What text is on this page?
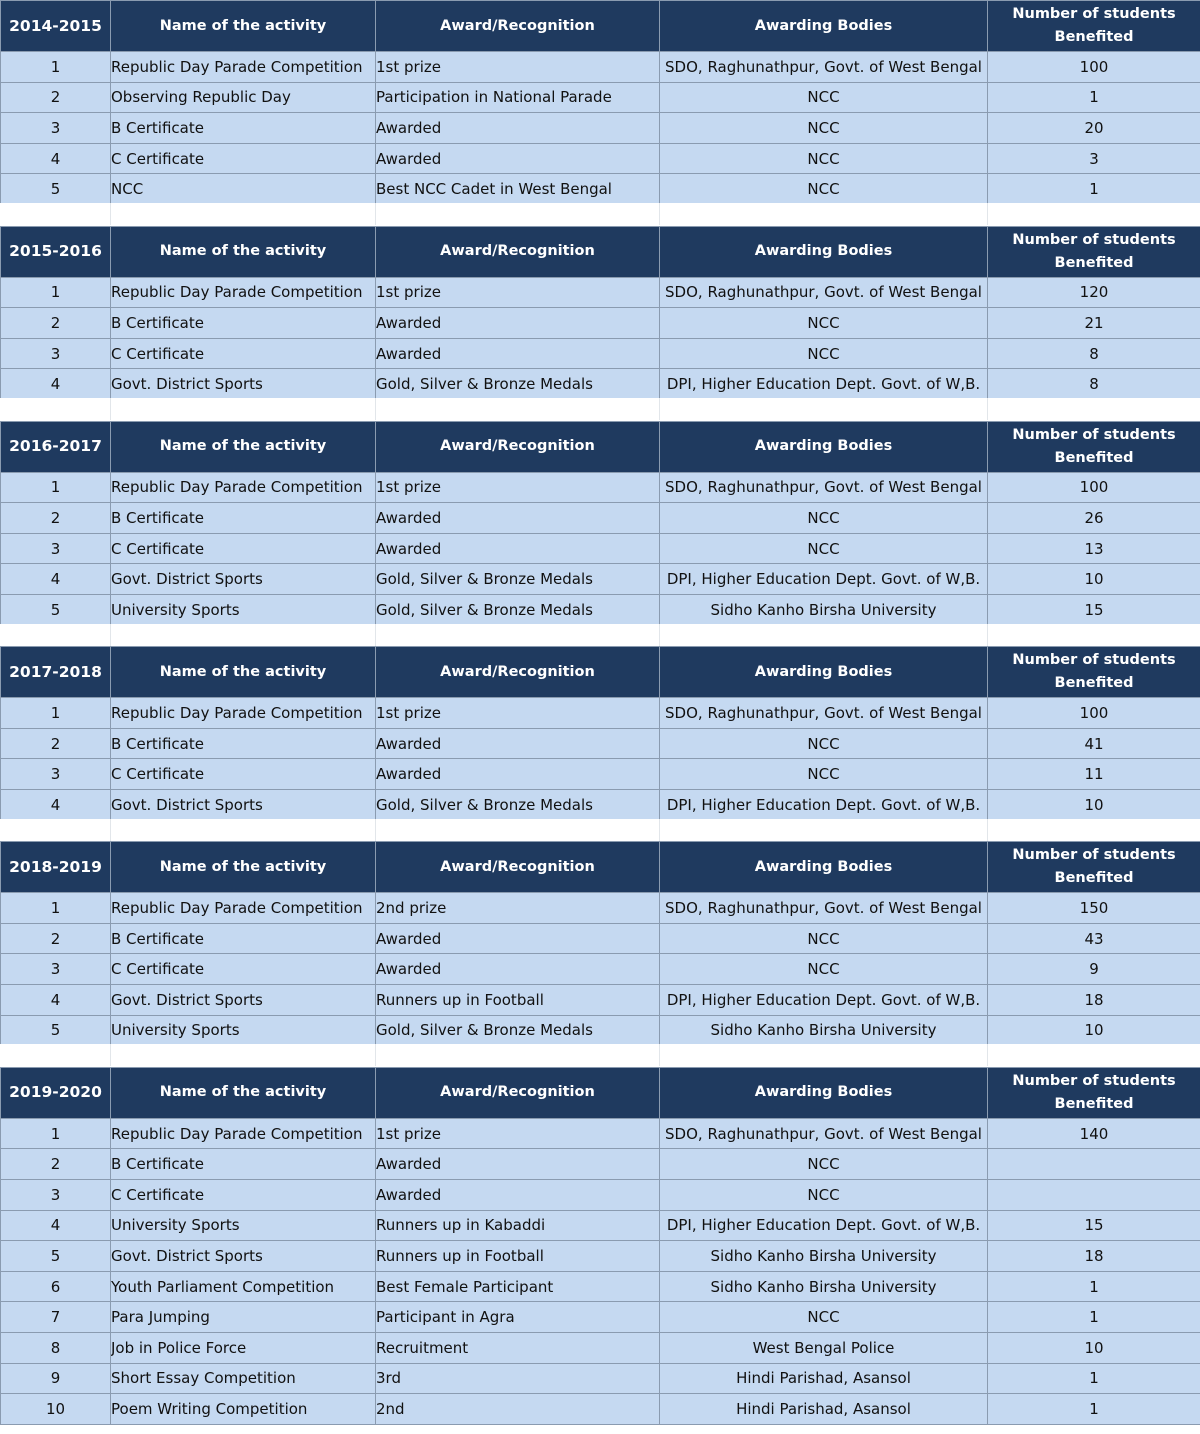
2014-2015	Name of the activity	Award/Recognition	Awarding Bodies	Number of students
Benefited
1	Republic Day Parade Competition	1st prize	SDO, Raghunathpur, Govt. of West Bengal	100
2	Observing Republic Day	Participation in National Parade	NCC	1
3	B Certificate	Awarded	NCC	20
4	C Certificate	Awarded	NCC	3
5	NCC	Best NCC Cadet in West Bengal	NCC	1
2015-2016	Name of the activity	Award/Recognition	Awarding Bodies	Number of students
Benefited
1	Republic Day Parade Competition	1st prize	SDO, Raghunathpur, Govt. of West Bengal	120
2	B Certificate	Awarded	NCC	21
3	C Certificate	Awarded	NCC	8
4	Govt. District Sports	Gold, Silver & Bronze Medals	DPI, Higher Education Dept. Govt. of W,B.	8
2016-2017	Name of the activity	Award/Recognition	Awarding Bodies	Number of students
Benefited
1	Republic Day Parade Competition	1st prize	SDO, Raghunathpur, Govt. of West Bengal	100
2	B Certificate	Awarded	NCC	26
3	C Certificate	Awarded	NCC	13
4	Govt. District Sports	Gold, Silver & Bronze Medals	DPI, Higher Education Dept. Govt. of W,B.	10
5	University Sports	Gold, Silver & Bronze Medals	Sidho Kanho Birsha University	15
2017-2018	Name of the activity	Award/Recognition	Awarding Bodies	Number of students
Benefited
1	Republic Day Parade Competition	1st prize	SDO, Raghunathpur, Govt. of West Bengal	100
2	B Certificate	Awarded	NCC	41
3	C Certificate	Awarded	NCC	11
4	Govt. District Sports	Gold, Silver & Bronze Medals	DPI, Higher Education Dept. Govt. of W,B.	10
2018-2019	Name of the activity	Award/Recognition	Awarding Bodies	Number of students
Benefited
1	Republic Day Parade Competition	2nd prize	SDO, Raghunathpur, Govt. of West Bengal	150
2	B Certificate	Awarded	NCC	43
3	C Certificate	Awarded	NCC	9
4	Govt. District Sports	Runners up in Football	DPI, Higher Education Dept. Govt. of W,B.	18
5	University Sports	Gold, Silver & Bronze Medals	Sidho Kanho Birsha University	10
2019-2020	Name of the activity	Award/Recognition	Awarding Bodies	Number of students
Benefited
1	Republic Day Parade Competition	1st prize	SDO, Raghunathpur, Govt. of West Bengal	140
2	B Certificate	Awarded	NCC	
3	C Certificate	Awarded	NCC	
4	University Sports	Runners up in Kabaddi	DPI, Higher Education Dept. Govt. of W,B.	15
5	Govt. District Sports	Runners up in Football	Sidho Kanho Birsha University	18
6	Youth Parliament Competition	Best Female Participant	Sidho Kanho Birsha University	1
7	Para Jumping	Participant in Agra	NCC	1
8	Job in Police Force	Recruitment	West Bengal Police	10
9	Short Essay Competition	3rd	Hindi Parishad, Asansol	1
10	Poem Writing Competition	2nd	Hindi Parishad, Asansol	1
